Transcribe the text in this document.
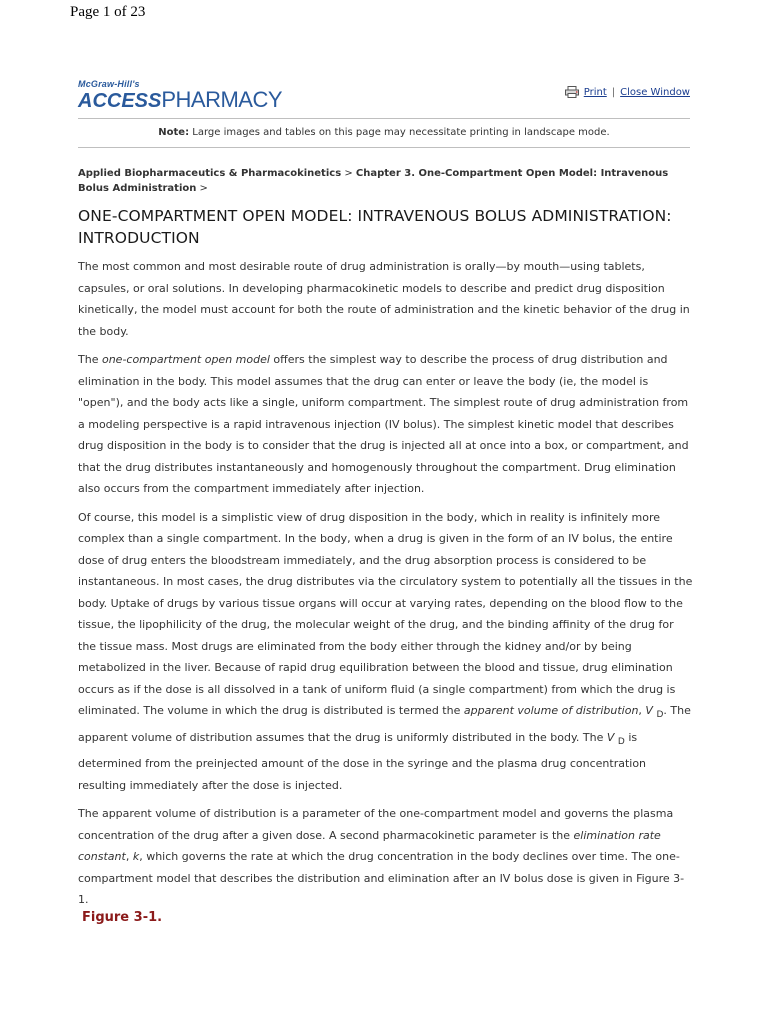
Page 1 of 23
McGraw-Hill's
ACCESSPHARMACY	Print | Close Window
Note: Large images and tables on this page may necessitate printing in landscape mode.
Applied Biopharmaceutics & Pharmacokinetics > Chapter 3. One-Compartment Open Model: Intravenous Bolus Administration >
ONE-COMPARTMENT OPEN MODEL: INTRAVENOUS BOLUS ADMINISTRATION: INTRODUCTION

The most common and most desirable route of drug administration is orally—by mouth—using tablets, capsules, or oral solutions. In developing pharmacokinetic models to describe and predict drug disposition kinetically, the model must account for both the route of administration and the kinetic behavior of the drug in the body.

The one-compartment open model offers the simplest way to describe the process of drug distribution and elimination in the body. This model assumes that the drug can enter or leave the body (ie, the model is "open"), and the body acts like a single, uniform compartment. The simplest route of drug administration from a modeling perspective is a rapid intravenous injection (IV bolus). The simplest kinetic model that describes drug disposition in the body is to consider that the drug is injected all at once into a box, or compartment, and that the drug distributes instantaneously and homogenously throughout the compartment. Drug elimination also occurs from the compartment immediately after injection.

Of course, this model is a simplistic view of drug disposition in the body, which in reality is infinitely more complex than a single compartment. In the body, when a drug is given in the form of an IV bolus, the entire dose of drug enters the bloodstream immediately, and the drug absorption process is considered to be instantaneous. In most cases, the drug distributes via the circulatory system to potentially all the tissues in the body. Uptake of drugs by various tissue organs will occur at varying rates, depending on the blood flow to the tissue, the lipophilicity of the drug, the molecular weight of the drug, and the binding affinity of the drug for the tissue mass. Most drugs are eliminated from the body either through the kidney and/or by being metabolized in the liver. Because of rapid drug equilibration between the blood and tissue, drug elimination occurs as if the dose is all dissolved in a tank of uniform fluid (a single compartment) from which the drug is eliminated. The volume in which the drug is distributed is termed the apparent volume of distribution, V $_D$. The apparent volume of distribution assumes that the drug is uniformly distributed in the body. The V $_D$ is determined from the preinjected amount of the dose in the syringe and the plasma drug concentration resulting immediately after the dose is injected.

The apparent volume of distribution is a parameter of the one-compartment model and governs the plasma concentration of the drug after a given dose. A second pharmacokinetic parameter is the elimination rate constant, k, which governs the rate at which the drug concentration in the body declines over time. The one-compartment model that describes the distribution and elimination after an IV bolus dose is given in Figure 3-1.

Figure 3-1.
